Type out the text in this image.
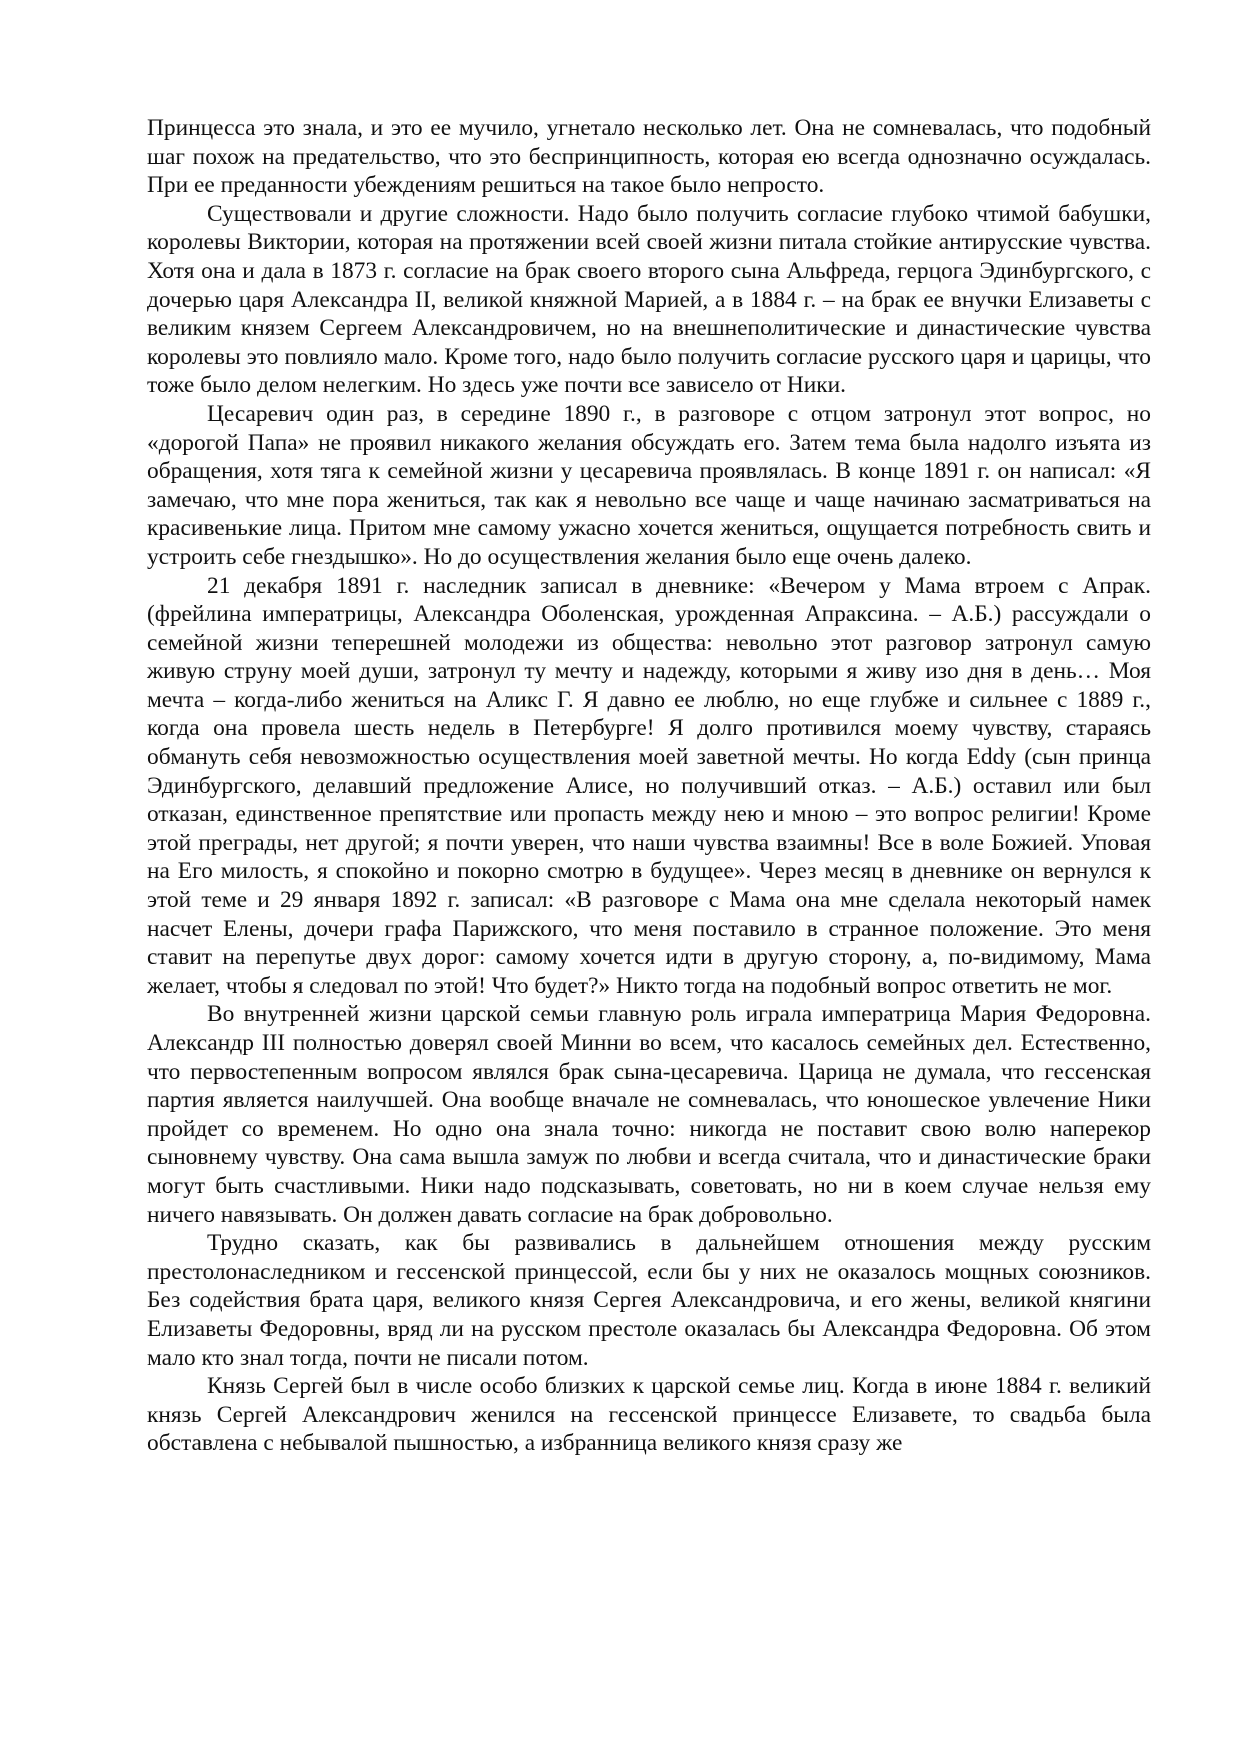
Принцесса это знала, и это ее мучило, угнетало несколько лет. Она не сомневалась, что подобный шаг похож на предательство, что это беспринципность, которая ею всегда однозначно осуждалась. При ее преданности убеждениям решиться на такое было непросто.

Существовали и другие сложности. Надо было получить согласие глубоко чтимой бабушки, королевы Виктории, которая на протяжении всей своей жизни питала стойкие антирусские чувства. Хотя она и дала в 1873 г. согласие на брак своего второго сына Альфреда, герцога Эдинбургского, с дочерью царя Александра II, великой княжной Марией, а в 1884 г. – на брак ее внучки Елизаветы с великим князем Сергеем Александровичем, но на внешнеполитические и династические чувства королевы это повлияло мало. Кроме того, надо было получить согласие русского царя и царицы, что тоже было делом нелегким. Но здесь уже почти все зависело от Ники.

Цесаревич один раз, в середине 1890 г., в разговоре с отцом затронул этот вопрос, но «дорогой Папа» не проявил никакого желания обсуждать его. Затем тема была надолго изъята из обращения, хотя тяга к семейной жизни у цесаревича проявлялась. В конце 1891 г. он написал: «Я замечаю, что мне пора жениться, так как я невольно все чаще и чаще начинаю засматриваться на красивенькие лица. Притом мне самому ужасно хочется жениться, ощущается потребность свить и устроить себе гнездышко». Но до осуществления желания было еще очень далеко.

21 декабря 1891 г. наследник записал в дневнике: «Вечером у Мама втроем с Апрак. (фрейлина императрицы, Александра Оболенская, урожденная Апраксина. – А.Б.) рассуждали о семейной жизни теперешней молодежи из общества: невольно этот разговор затронул самую живую струну моей души, затронул ту мечту и надежду, которыми я живу изо дня в день… Моя мечта – когда-либо жениться на Аликс Г. Я давно ее люблю, но еще глубже и сильнее с 1889 г., когда она провела шесть недель в Петербурге! Я долго противился моему чувству, стараясь обмануть себя невозможностью осуществления моей заветной мечты. Но когда Eddy (сын принца Эдинбургского, делавший предложение Алисе, но получивший отказ. – А.Б.) оставил или был отказан, единственное препятствие или пропасть между нею и мною – это вопрос религии! Кроме этой преграды, нет другой; я почти уверен, что наши чувства взаимны! Все в воле Божией. Уповая на Его милость, я спокойно и покорно смотрю в будущее». Через месяц в дневнике он вернулся к этой теме и 29 января 1892 г. записал: «В разговоре с Мама она мне сделала некоторый намек насчет Елены, дочери графа Парижского, что меня поставило в странное положение. Это меня ставит на перепутье двух дорог: самому хочется идти в другую сторону, а, по-видимому, Мама желает, чтобы я следовал по этой! Что будет?» Никто тогда на подобный вопрос ответить не мог.

Во внутренней жизни царской семьи главную роль играла императрица Мария Федоровна. Александр III полностью доверял своей Минни во всем, что касалось семейных дел. Естественно, что первостепенным вопросом являлся брак сына-цесаревича. Царица не думала, что гессенская партия является наилучшей. Она вообще вначале не сомневалась, что юношеское увлечение Ники пройдет со временем. Но одно она знала точно: никогда не поставит свою волю наперекор сыновнему чувству. Она сама вышла замуж по любви и всегда считала, что и династические браки могут быть счастливыми. Ники надо подсказывать, советовать, но ни в коем случае нельзя ему ничего навязывать. Он должен давать согласие на брак добровольно.

Трудно сказать, как бы развивались в дальнейшем отношения между русским престолонаследником и гессенской принцессой, если бы у них не оказалось мощных союзников. Без содействия брата царя, великого князя Сергея Александровича, и его жены, великой княгини Елизаветы Федоровны, вряд ли на русском престоле оказалась бы Александра Федоровна. Об этом мало кто знал тогда, почти не писали потом.

Князь Сергей был в числе особо близких к царской семье лиц. Когда в июне 1884 г. великий князь Сергей Александрович женился на гессенской принцессе Елизавете, то свадьба была обставлена с небывалой пышностью, а избранница великого князя сразу же
